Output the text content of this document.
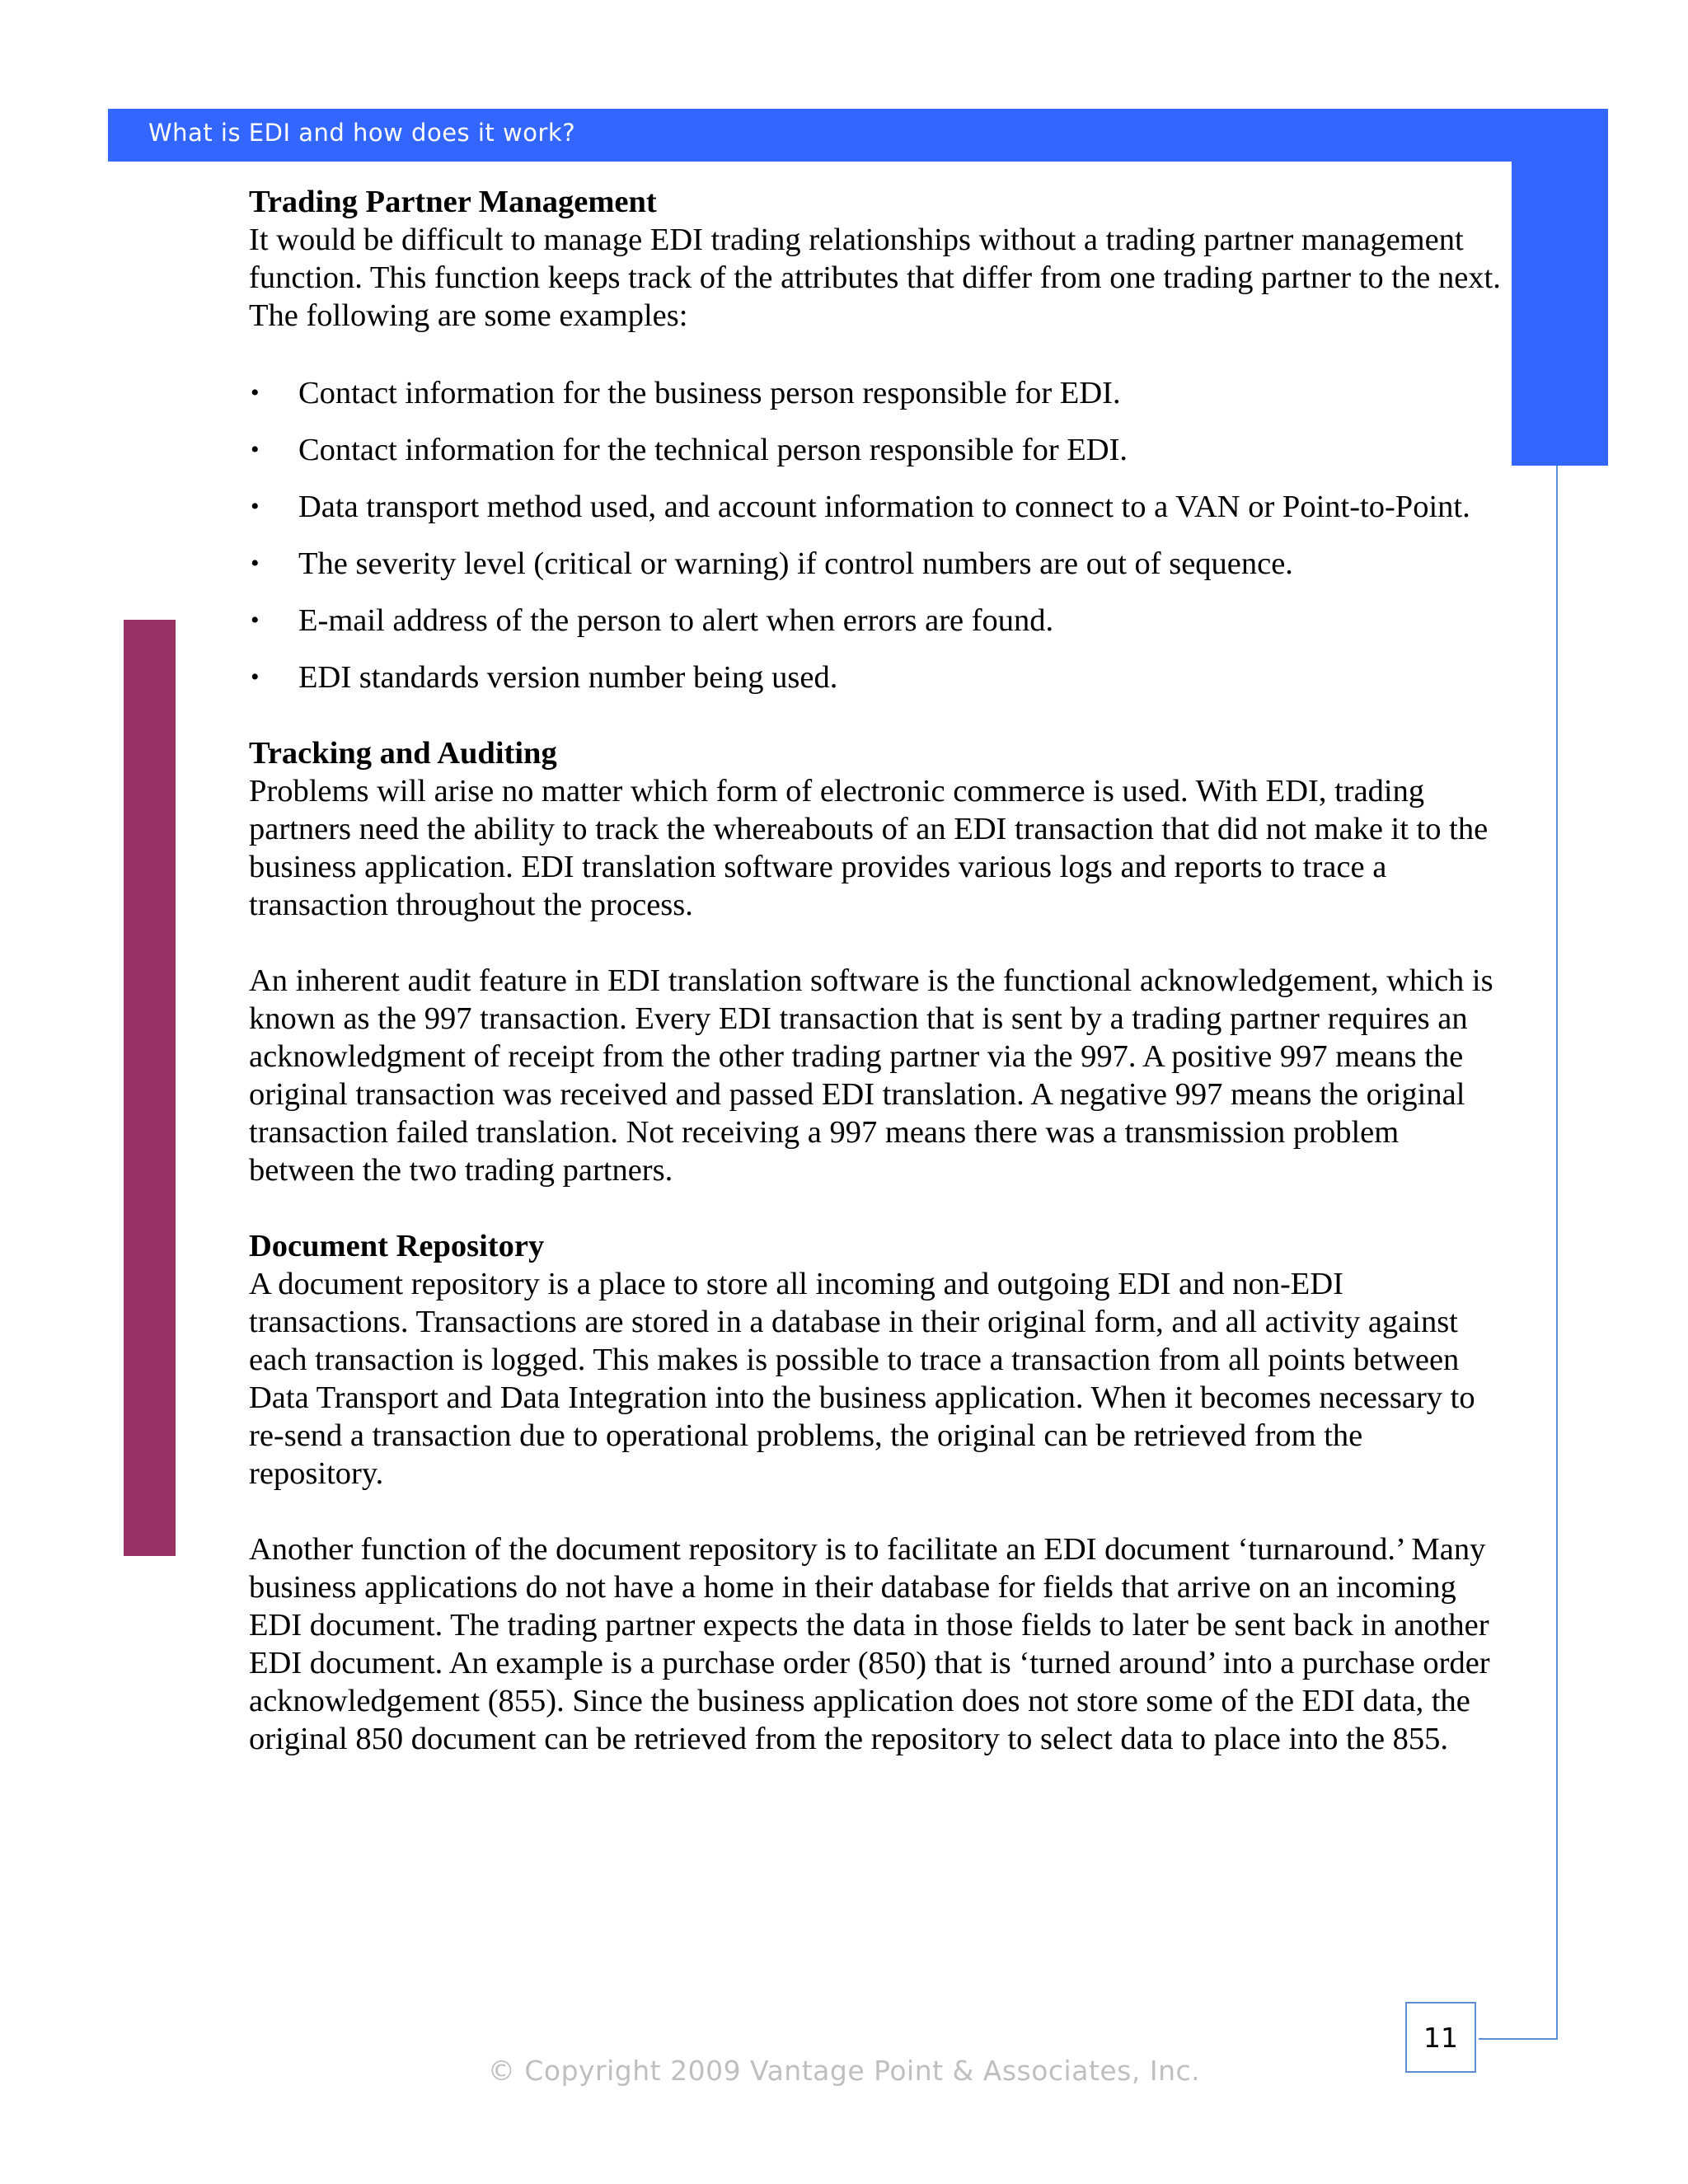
What is EDI and how does it work?
Trading Partner Management

It would be difficult to manage EDI trading relationships without a trading partner management function. This function keeps track of the attributes that differ from one trading partner to the next. The following are some examples:

• Contact information for the business person responsible for EDI.
• Contact information for the technical person responsible for EDI.
• Data transport method used, and account information to connect to a VAN or Point-to-Point.
• The severity level (critical or warning) if control numbers are out of sequence.
• E-mail address of the person to alert when errors are found.
• EDI standards version number being used.
Tracking and Auditing

Problems will arise no matter which form of electronic commerce is used. With EDI, trading partners need the ability to track the whereabouts of an EDI transaction that did not make it to the business application. EDI translation software provides various logs and reports to trace a transaction throughout the process.

An inherent audit feature in EDI translation software is the functional acknowledgement, which is known as the 997 transaction. Every EDI transaction that is sent by a trading partner requires an acknowledgment of receipt from the other trading partner via the 997. A positive 997 means the original transaction was received and passed EDI translation. A negative 997 means the original transaction failed translation. Not receiving a 997 means there was a transmission problem between the two trading partners.

Document Repository

A document repository is a place to store all incoming and outgoing EDI and non-EDI transactions. Transactions are stored in a database in their original form, and all activity against each transaction is logged. This makes is possible to trace a transaction from all points between Data Transport and Data Integration into the business application. When it becomes necessary to re-send a transaction due to operational problems, the original can be retrieved from the repository.

Another function of the document repository is to facilitate an EDI document ‘turnaround.’ Many business applications do not have a home in their database for fields that arrive on an incoming EDI document. The trading partner expects the data in those fields to later be sent back in another EDI document. An example is a purchase order (850) that is ‘turned around’ into a purchase order acknowledgement (855). Since the business application does not store some of the EDI data, the original 850 document can be retrieved from the repository to select data to place into the 855.

11
© Copyright 2009 Vantage Point & Associates, Inc.
